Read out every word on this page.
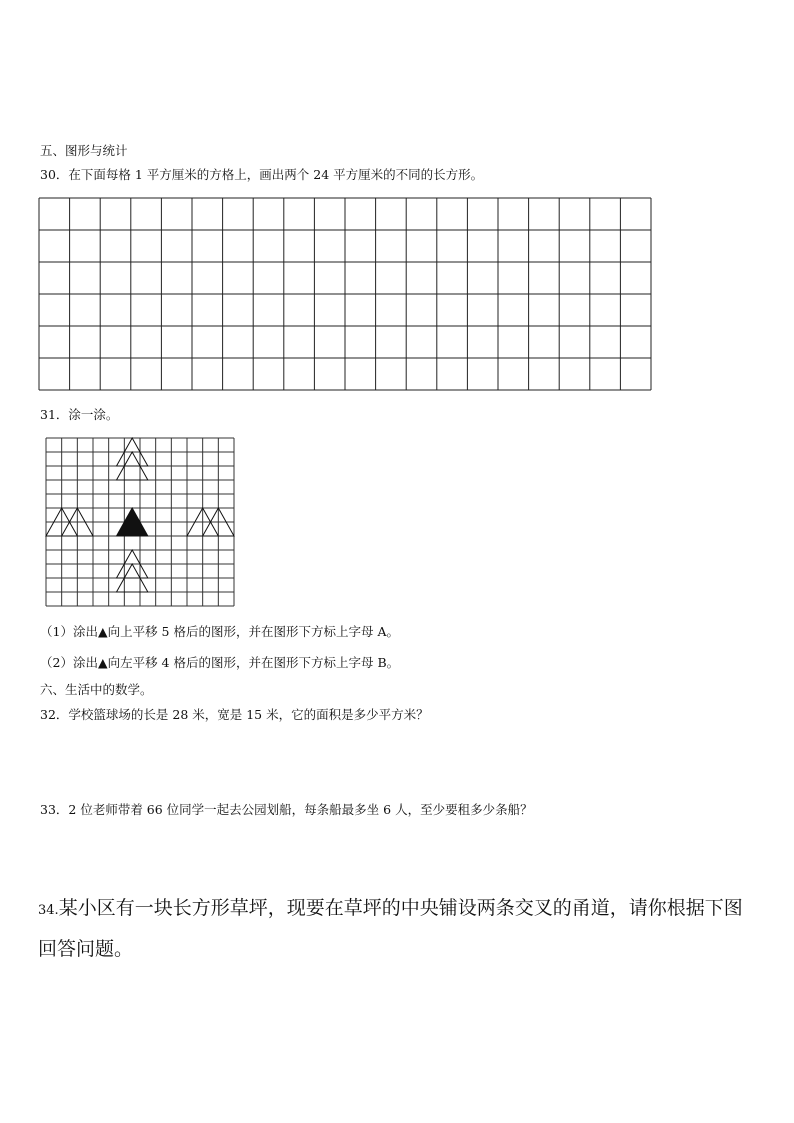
五、图形与统计
30．在下面每格 1 平方厘米的方格上，画出两个 24 平方厘米的不同的长方形。
31．涂一涂。
（1）涂出▲向上平移 5 格后的图形，并在图形下方标上字母 A。
（2）涂出▲向左平移 4 格后的图形，并在图形下方标上字母 B。
六、生活中的数学。
32．学校篮球场的长是 28 米，宽是 15 米，它的面积是多少平方米？
33．2 位老师带着 66 位同学一起去公园划船，每条船最多坐 6 人，至少要租多少条船？
34.某小区有一块长方形草坪，现要在草坪的中央铺设两条交叉的甬道，请你根据下图
回答问题。
